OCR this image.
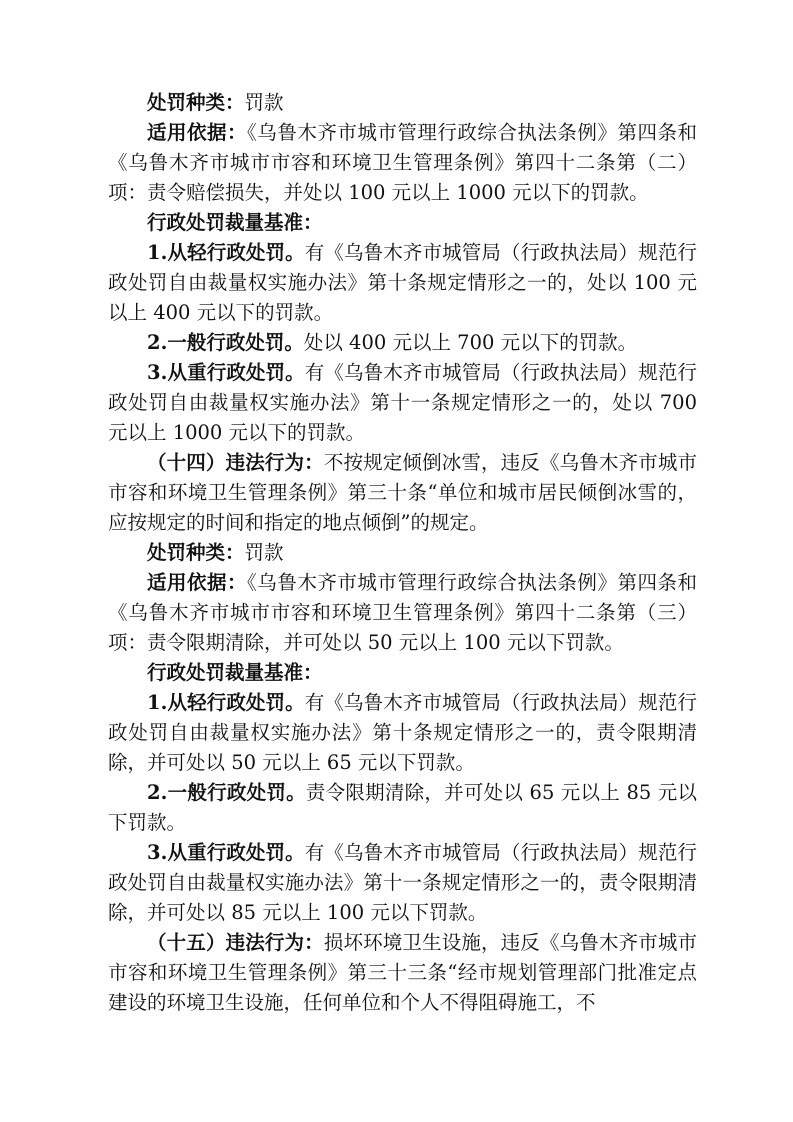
处罚种类：罚款

适用依据：《乌鲁木齐市城市管理行政综合执法条例》第四条和《乌鲁木齐市城市市容和环境卫生管理条例》第四十二条第（二）项：责令赔偿损失，并处以 100 元以上 1000 元以下的罚款。

行政处罚裁量基准：

1.从轻行政处罚。有《乌鲁木齐市城管局（行政执法局）规范行政处罚自由裁量权实施办法》第十条规定情形之一的，处以 100 元以上 400 元以下的罚款。

2.一般行政处罚。处以 400 元以上 700 元以下的罚款。

3.从重行政处罚。有《乌鲁木齐市城管局（行政执法局）规范行政处罚自由裁量权实施办法》第十一条规定情形之一的，处以 700 元以上 1000 元以下的罚款。

（十四）违法行为：不按规定倾倒冰雪，违反《乌鲁木齐市城市市容和环境卫生管理条例》第三十条“单位和城市居民倾倒冰雪的，应按规定的时间和指定的地点倾倒”的规定。

处罚种类：罚款

适用依据：《乌鲁木齐市城市管理行政综合执法条例》第四条和《乌鲁木齐市城市市容和环境卫生管理条例》第四十二条第（三）项：责令限期清除，并可处以 50 元以上 100 元以下罚款。

行政处罚裁量基准：

1.从轻行政处罚。有《乌鲁木齐市城管局（行政执法局）规范行政处罚自由裁量权实施办法》第十条规定情形之一的，责令限期清除，并可处以 50 元以上 65 元以下罚款。

2.一般行政处罚。责令限期清除，并可处以 65 元以上 85 元以下罚款。

3.从重行政处罚。有《乌鲁木齐市城管局（行政执法局）规范行政处罚自由裁量权实施办法》第十一条规定情形之一的，责令限期清除，并可处以 85 元以上 100 元以下罚款。

（十五）违法行为：损坏环境卫生设施，违反《乌鲁木齐市城市市容和环境卫生管理条例》第三十三条“经市规划管理部门批准定点建设的环境卫生设施，任何单位和个人不得阻碍施工，不
